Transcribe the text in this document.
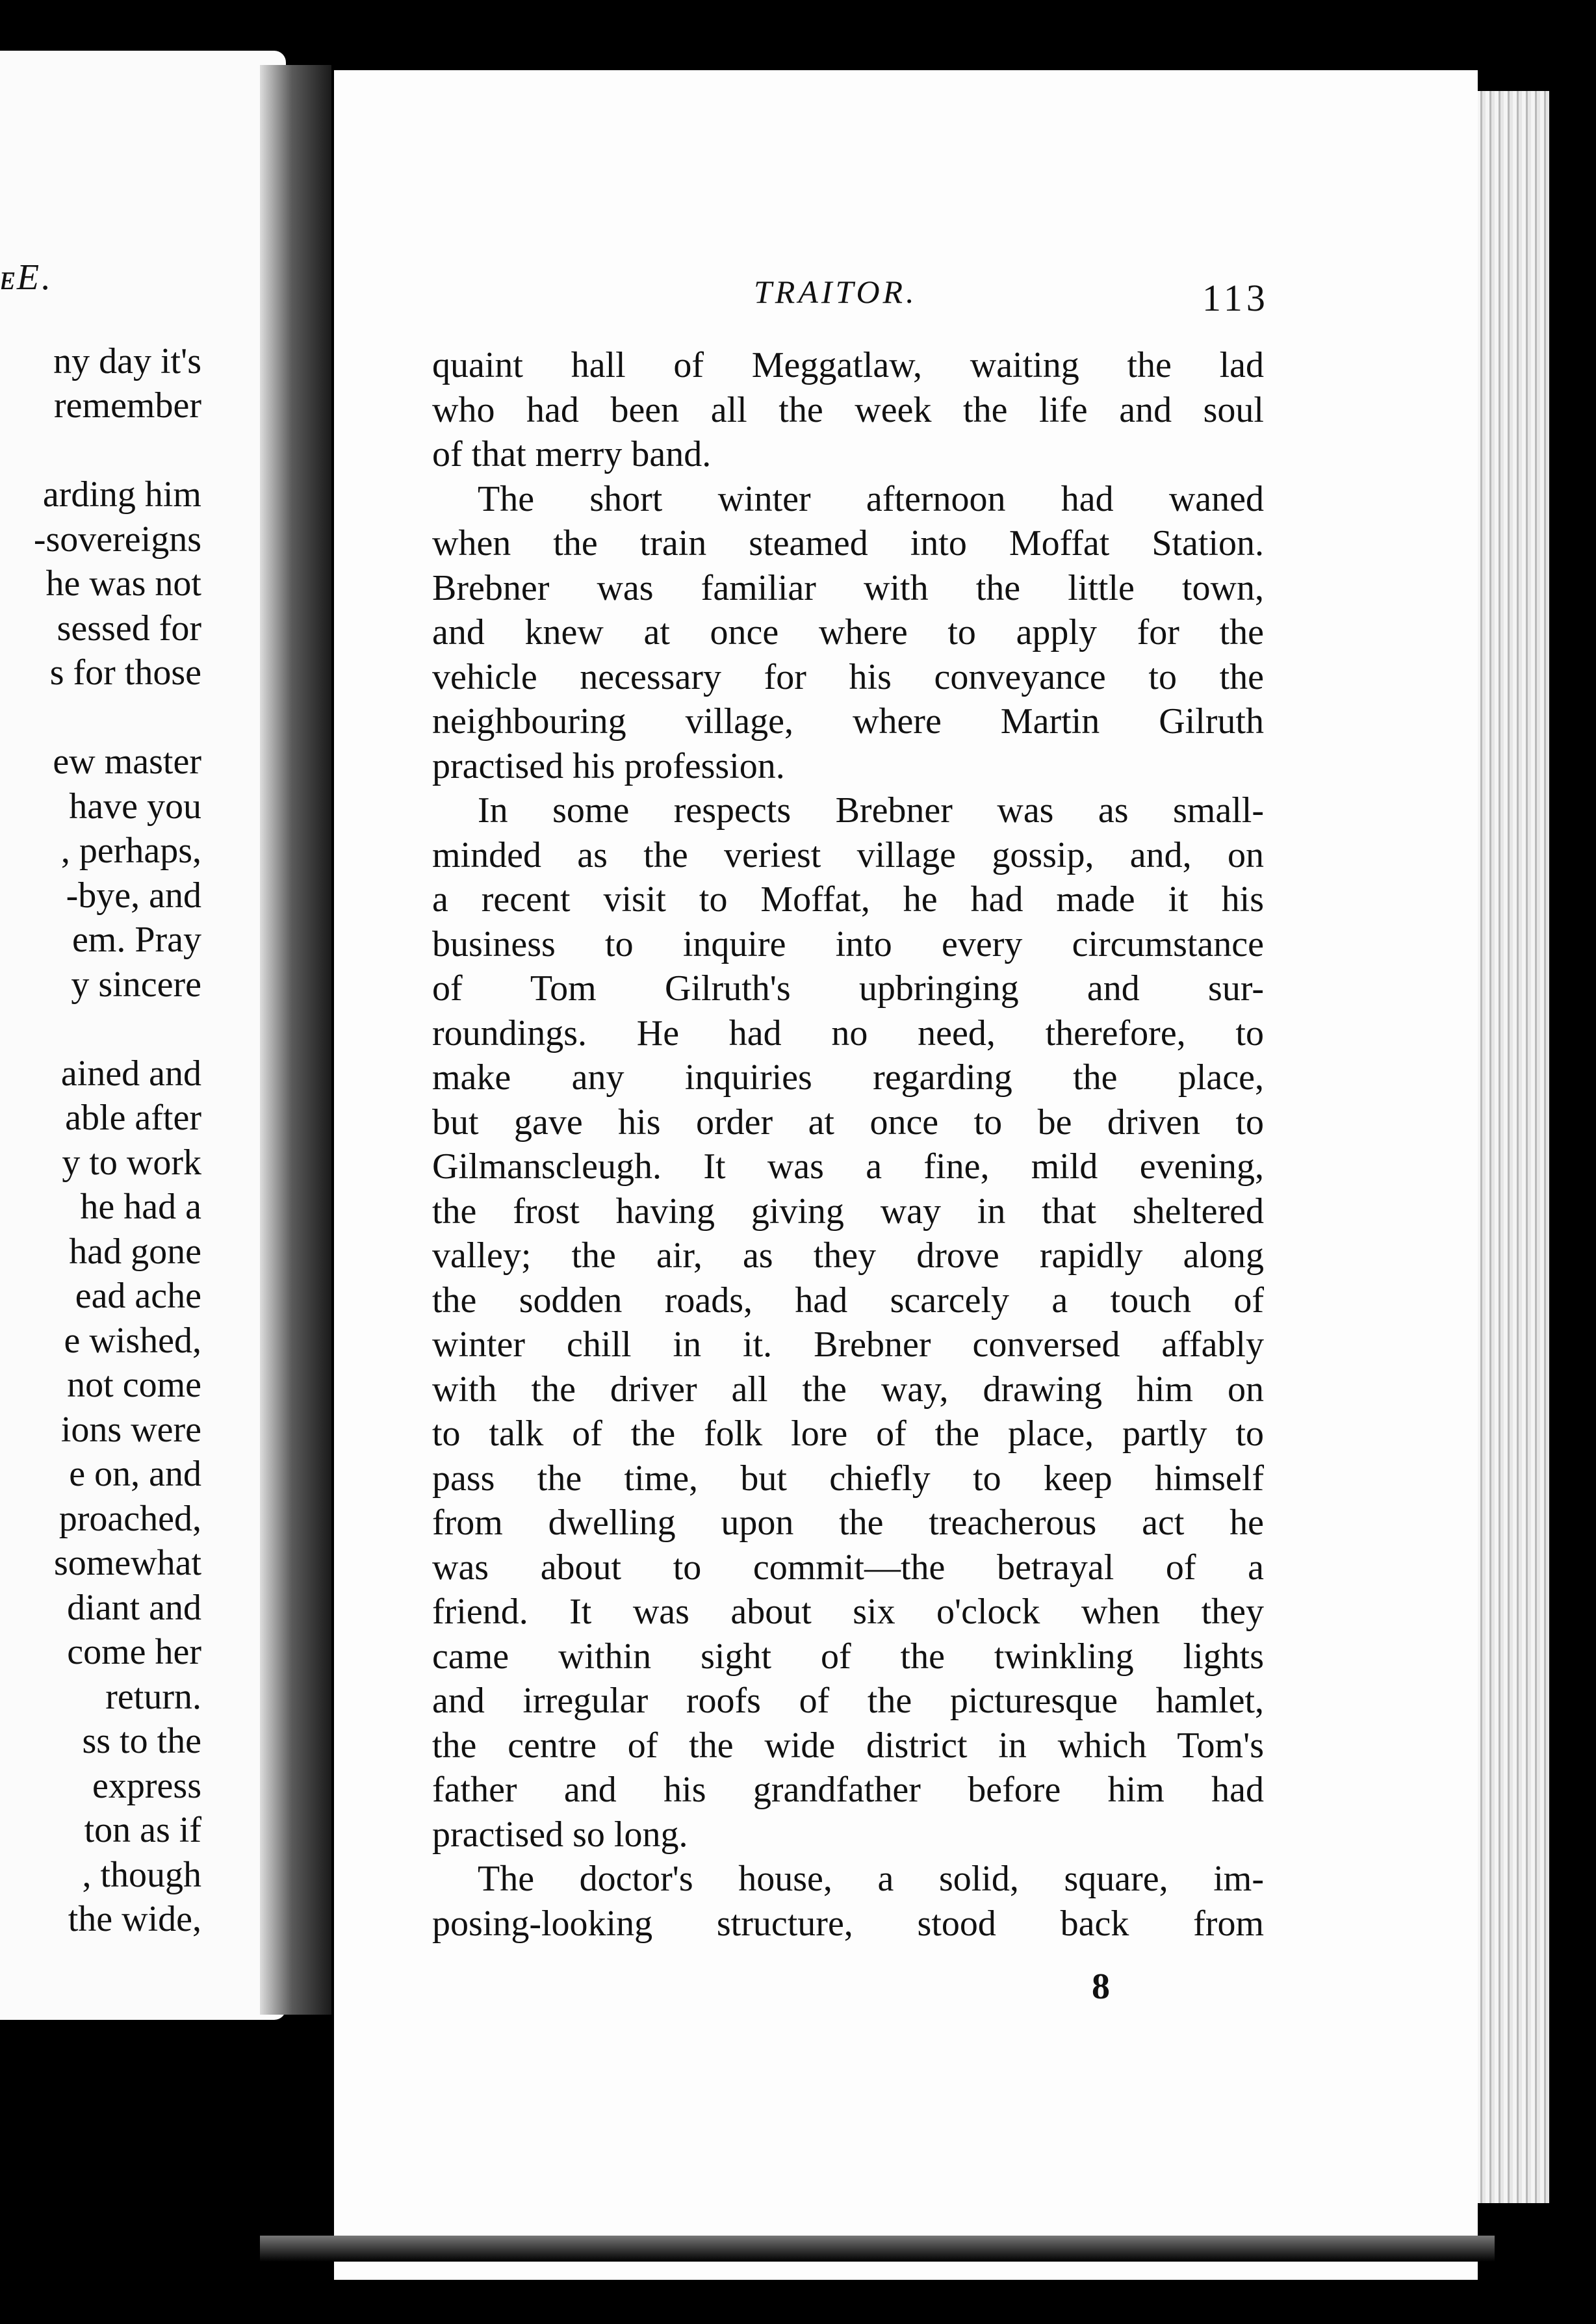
ᴇE.
ny day it's
remember
arding him
-sovereigns
he was not
sessed for
s for those
ew master
have you
, perhaps,
-bye, and
em. Pray
y sincere
ained and
able after
y to work
he had a
had gone
ead ache
e wished,
not come
ions were
e on, and
proached,
somewhat
diant and
come her
return.
ss to the
express
ton as if
, though
the wide,
TRAITOR.	113
quaint hall of Meggatlaw, waiting the lad
who had been all the week the life and soul
of that merry band.
The short winter afternoon had waned
when the train steamed into Moffat Station.
Brebner was familiar with the little town,
and knew at once where to apply for the
vehicle necessary for his conveyance to the
neighbouring village, where Martin Gilruth
practised his profession.
In some respects Brebner was as small-
minded as the veriest village gossip, and, on
a recent visit to Moffat, he had made it his
business to inquire into every circumstance
of Tom Gilruth's upbringing and sur-
roundings. He had no need, therefore, to
make any inquiries regarding the place,
but gave his order at once to be driven to
Gilmanscleugh. It was a fine, mild evening,
the frost having giving way in that sheltered
valley; the air, as they drove rapidly along
the sodden roads, had scarcely a touch of
winter chill in it. Brebner conversed affably
with the driver all the way, drawing him on
to talk of the folk lore of the place, partly to
pass the time, but chiefly to keep himself
from dwelling upon the treacherous act he
was about to commit—the betrayal of a
friend. It was about six o'clock when they
came within sight of the twinkling lights
and irregular roofs of the picturesque hamlet,
the centre of the wide district in which Tom's
father and his grandfather before him had
practised so long.
The doctor's house, a solid, square, im-
posing-looking structure, stood back from
8
